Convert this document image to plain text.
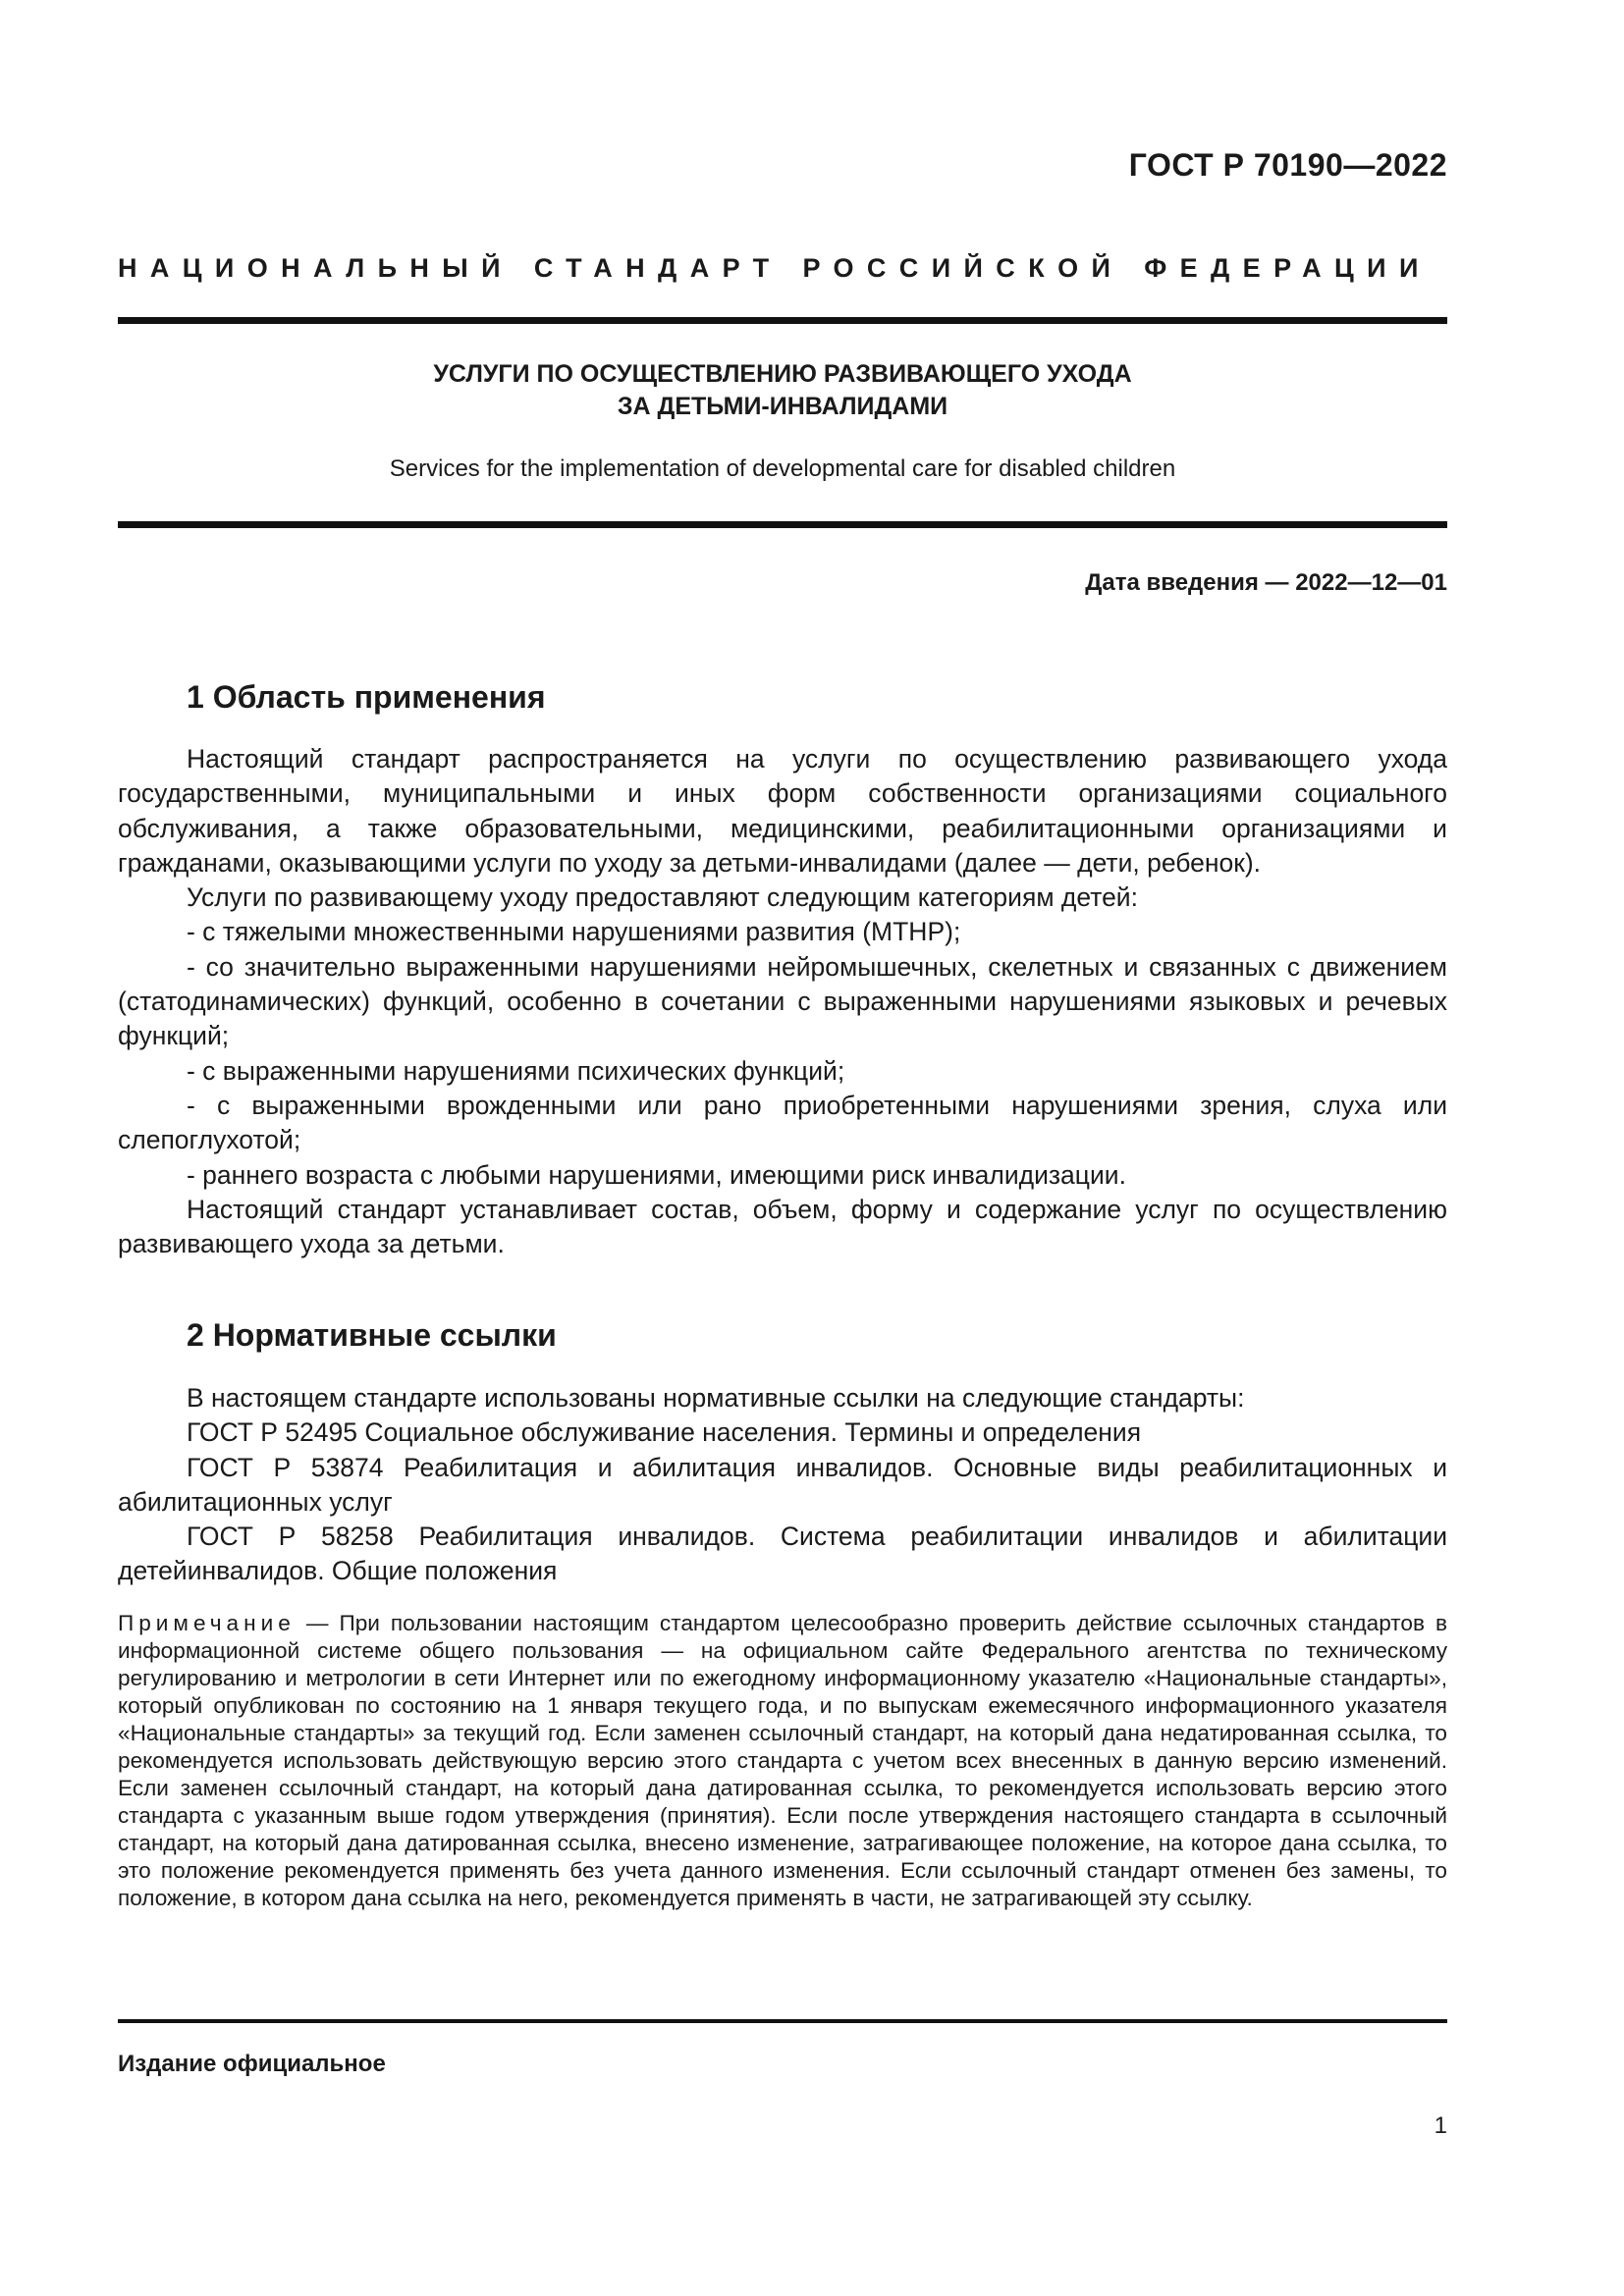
ГОСТ Р 70190—2022
НАЦИОНАЛЬНЫЙ СТАНДАРТ РОССИЙСКОЙ ФЕДЕРАЦИИ
УСЛУГИ ПО ОСУЩЕСТВЛЕНИЮ РАЗВИВАЮЩЕГО УХОДА
ЗА ДЕТЬМИ-ИНВАЛИДАМИ
Services for the implementation of developmental care for disabled children
Дата введения — 2022—12—01
1 Область применения

Настоящий стандарт распространяется на услуги по осуществлению развивающего ухода государственными, муниципальными и иных форм собственности организациями социального обслуживания, а также образовательными, медицинскими, реабилитационными организациями и гражданами, оказывающими услуги по уходу за детьми-инвалидами (далее — дети, ребенок).

Услуги по развивающему уходу предоставляют следующим категориям детей:

- с тяжелыми множественными нарушениями развития (МТНР);

- со значительно выраженными нарушениями нейромышечных, скелетных и связанных с движением (статодинамических) функций, особенно в сочетании с выраженными нарушениями языковых и речевых функций;

- с выраженными нарушениями психических функций;

- с выраженными врожденными или рано приобретенными нарушениями зрения, слуха или слепоглухотой;

- раннего возраста с любыми нарушениями, имеющими риск инвалидизации.

Настоящий стандарт устанавливает состав, объем, форму и содержание услуг по осуществлению развивающего ухода за детьми.

2 Нормативные ссылки

В настоящем стандарте использованы нормативные ссылки на следующие стандарты:

ГОСТ Р 52495 Социальное обслуживание населения. Термины и определения

ГОСТ Р 53874 Реабилитация и абилитация инвалидов. Основные виды реабилитационных и абилитационных услуг

ГОСТ Р 58258 Реабилитация инвалидов. Система реабилитации инвалидов и абилитации детейинвалидов. Общие положения

Примечание — При пользовании настоящим стандартом целесообразно проверить действие ссылочных стандартов в информационной системе общего пользования — на официальном сайте Федерального агентства по техническому регулированию и метрологии в сети Интернет или по ежегодному информационному указателю «Национальные стандарты», который опубликован по состоянию на 1 января текущего года, и по выпускам ежемесячного информационного указателя «Национальные стандарты» за текущий год. Если заменен ссылочный стандарт, на который дана недатированная ссылка, то рекомендуется использовать действующую версию этого стандарта с учетом всех внесенных в данную версию изменений. Если заменен ссылочный стандарт, на который дана датированная ссылка, то рекомендуется использовать версию этого стандарта с указанным выше годом утверждения (принятия). Если после утверждения настоящего стандарта в ссылочный стандарт, на который дана датированная ссылка, внесено изменение, затрагивающее положение, на которое дана ссылка, то это положение рекомендуется применять без учета данного изменения. Если ссылочный стандарт отменен без замены, то положение, в котором дана ссылка на него, рекомендуется применять в части, не затрагивающей эту ссылку.
Издание официальное
1
